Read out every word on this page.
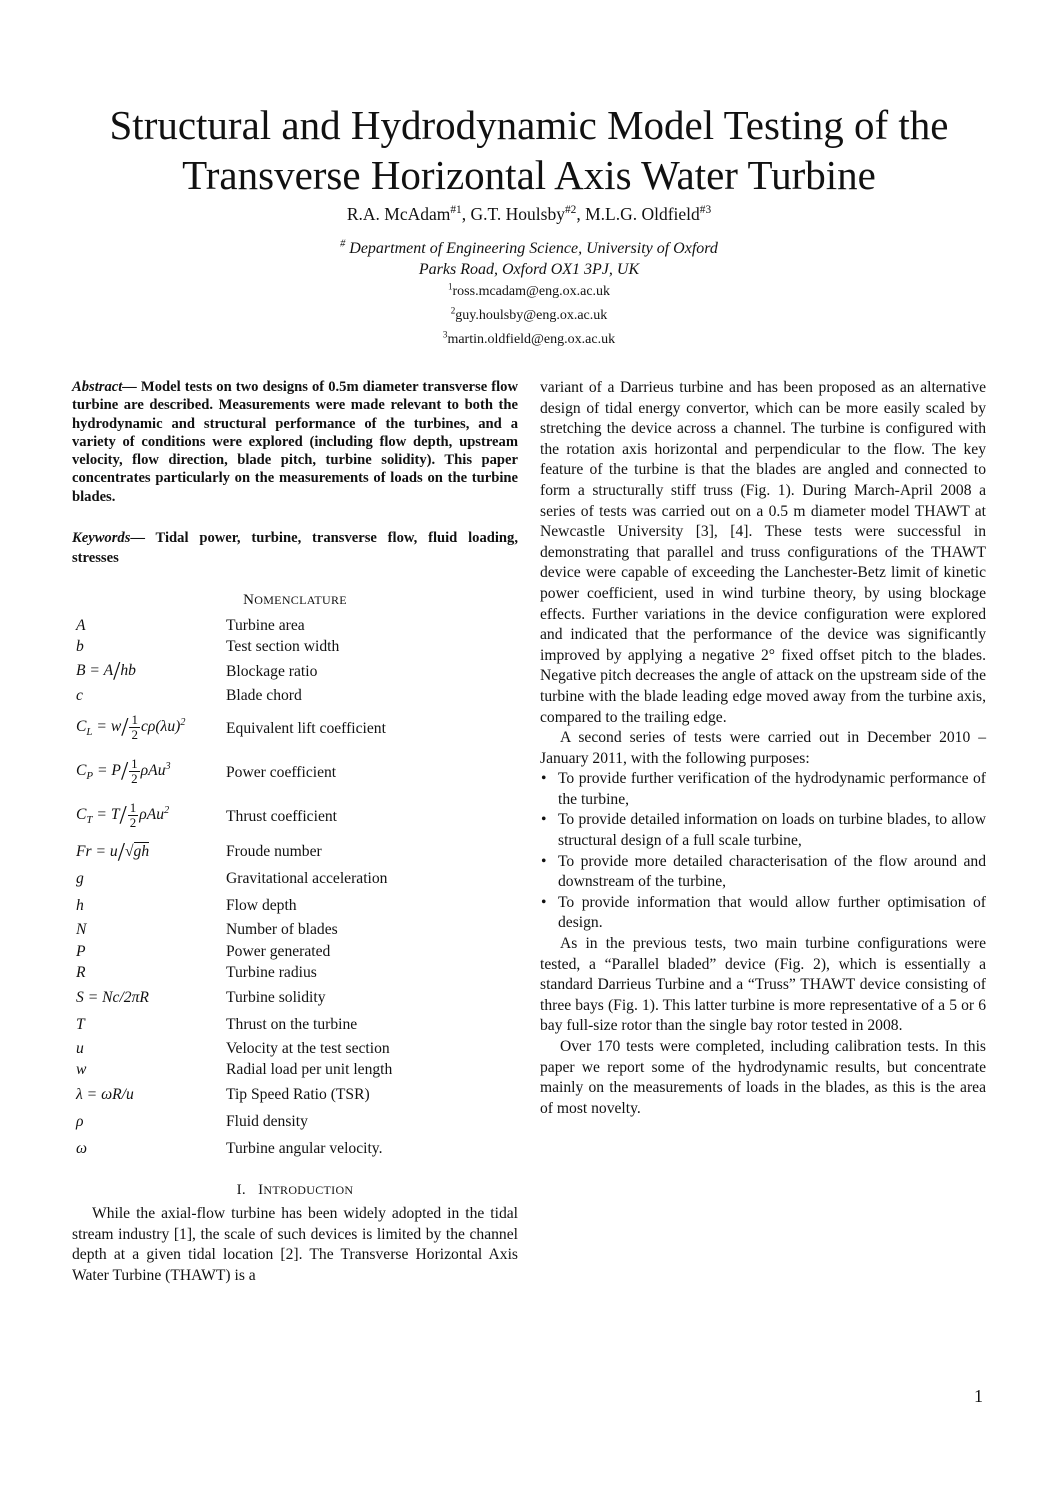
Structural and Hydrodynamic Model Testing of the
Transverse Horizontal Axis Water Turbine
R.A. McAdam$^{\#1}$, G.T. Houlsby$^{\#2}$, M.L.G. Oldfield$^{\#3}$
# Department of Engineering Science, University of Oxford
Parks Road, Oxford OX1 3PJ, UK
$^1$ross.mcadam@eng.ox.ac.uk
$^2$guy.houlsby@eng.ox.ac.uk
$^3$martin.oldfield@eng.ox.ac.uk

Abstract— Model tests on two designs of 0.5m diameter transverse flow turbine are described. Measurements were made relevant to both the hydrodynamic and structural performance of the turbines, and a variety of conditions were explored (including flow depth, upstream velocity, flow direction, blade pitch, turbine solidity). This paper concentrates particularly on the measurements of loads on the turbine blades.

Keywords— Tidal power, turbine, transverse flow, fluid loading, stresses

NOMENCLATURE
A	Turbine area
b	Test section width
B = A/hb	Blockage ratio
c	Blade chord
$C_L = w/ \frac{1}{2} c\rho(\lambda u)^2$	Equivalent lift coefficient
$C_P = P/ \frac{1}{2} \rho Au^3$	Power coefficient
$C_T = T/ \frac{1}{2} \rho Au^2$	Thrust coefficient
Fr = u/√gh	Froude number
g	Gravitational acceleration
h	Flow depth
N	Number of blades
P	Power generated
R	Turbine radius
S = Nc/2πR	Turbine solidity
T	Thrust on the turbine
u	Velocity at the test section
w	Radial load per unit length
λ = ωR/u	Tip Speed Ratio (TSR)
ρ	Fluid density
ω	Turbine angular velocity.
I. INTRODUCTION

While the axial-flow turbine has been widely adopted in the tidal stream industry [1], the scale of such devices is limited by the channel depth at a given tidal location [2]. The Transverse Horizontal Axis Water Turbine (THAWT) is a

variant of a Darrieus turbine and has been proposed as an alternative design of tidal energy convertor, which can be more easily scaled by stretching the device across a channel. The turbine is configured with the rotation axis horizontal and perpendicular to the flow. The key feature of the turbine is that the blades are angled and connected to form a structurally stiff truss (Fig. 1). During March-April 2008 a series of tests was carried out on a 0.5 m diameter model THAWT at Newcastle University [3], [4]. These tests were successful in demonstrating that parallel and truss configurations of the THAWT device were capable of exceeding the Lanchester-Betz limit of kinetic power coefficient, used in wind turbine theory, by using blockage effects. Further variations in the device configuration were explored and indicated that the performance of the device was significantly improved by applying a negative 2° fixed offset pitch to the blades. Negative pitch decreases the angle of attack on the upstream side of the turbine with the blade leading edge moved away from the turbine axis, compared to the trailing edge.

A second series of tests were carried out in December 2010 – January 2011, with the following purposes:

• To provide further verification of the hydrodynamic performance of the turbine,
• To provide detailed information on loads on turbine blades, to allow structural design of a full scale turbine,
• To provide more detailed characterisation of the flow around and downstream of the turbine,
• To provide information that would allow further optimisation of design.

As in the previous tests, two main turbine configurations were tested, a “Parallel bladed” device (Fig. 2), which is essentially a standard Darrieus Turbine and a “Truss” THAWT device consisting of three bays (Fig. 1). This latter turbine is more representative of a 5 or 6 bay full-size rotor than the single bay rotor tested in 2008.

Over 170 tests were completed, including calibration tests. In this paper we report some of the hydrodynamic results, but concentrate mainly on the measurements of loads in the blades, as this is the area of most novelty.

1
